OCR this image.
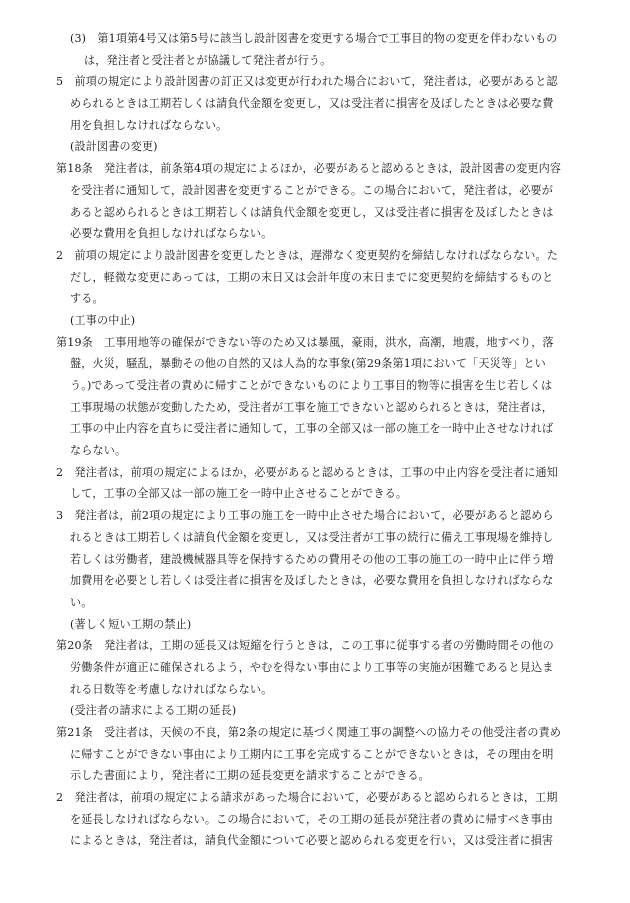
(3)　第1項第4号又は第5号に該当し設計図書を変更する場合で工事目的物の変更を伴わないもの
は，発注者と受注者とが協議して発注者が行う。
5　前項の規定により設計図書の訂正又は変更が行われた場合において，発注者は，必要があると認
められるときは工期若しくは請負代金額を変更し，又は受注者に損害を及ぼしたときは必要な費
用を負担しなければならない。
(設計図書の変更)
第18条　発注者は，前条第4項の規定によるほか，必要があると認めるときは，設計図書の変更内容
を受注者に通知して，設計図書を変更することができる。この場合において，発注者は，必要が
あると認められるときは工期若しくは請負代金額を変更し，又は受注者に損害を及ぼしたときは
必要な費用を負担しなければならない。
2　前項の規定により設計図書を変更したときは，遅滞なく変更契約を締結しなければならない。た
だし，軽微な変更にあっては，工期の末日又は会計年度の末日までに変更契約を締結するものと
する。
(工事の中止)
第19条　工事用地等の確保ができない等のため又は暴風，豪雨，洪水，高潮，地震，地すべり，落
盤，火災，騒乱，暴動その他の自然的又は人為的な事象(第29条第1項において「天災等」とい
う。)であって受注者の責めに帰すことができないものにより工事目的物等に損害を生じ若しくは
工事現場の状態が変動したため，受注者が工事を施工できないと認められるときは，発注者は，
工事の中止内容を直ちに受注者に通知して，工事の全部又は一部の施工を一時中止させなければ
ならない。
2　発注者は，前項の規定によるほか，必要があると認めるときは，工事の中止内容を受注者に通知
して，工事の全部又は一部の施工を一時中止させることができる。
3　発注者は，前2項の規定により工事の施工を一時中止させた場合において，必要があると認めら
れるときは工期若しくは請負代金額を変更し，又は受注者が工事の続行に備え工事現場を維持し
若しくは労働者，建設機械器具等を保持するための費用その他の工事の施工の一時中止に伴う増
加費用を必要とし若しくは受注者に損害を及ぼしたときは，必要な費用を負担しなければならな
い。
(著しく短い工期の禁止)
第20条　発注者は，工期の延長又は短縮を行うときは，この工事に従事する者の労働時間その他の
労働条件が適正に確保されるよう，やむを得ない事由により工事等の実施が困難であると見込ま
れる日数等を考慮しなければならない。
(受注者の請求による工期の延長)
第21条　受注者は，天候の不良，第2条の規定に基づく関連工事の調整への協力その他受注者の責め
に帰すことができない事由により工期内に工事を完成することができないときは，その理由を明
示した書面により，発注者に工期の延長変更を請求することができる。
2　発注者は，前項の規定による請求があった場合において，必要があると認められるときは，工期
を延長しなければならない。この場合において，その工期の延長が発注者の責めに帰すべき事由
によるときは，発注者は，請負代金額について必要と認められる変更を行い，又は受注者に損害
